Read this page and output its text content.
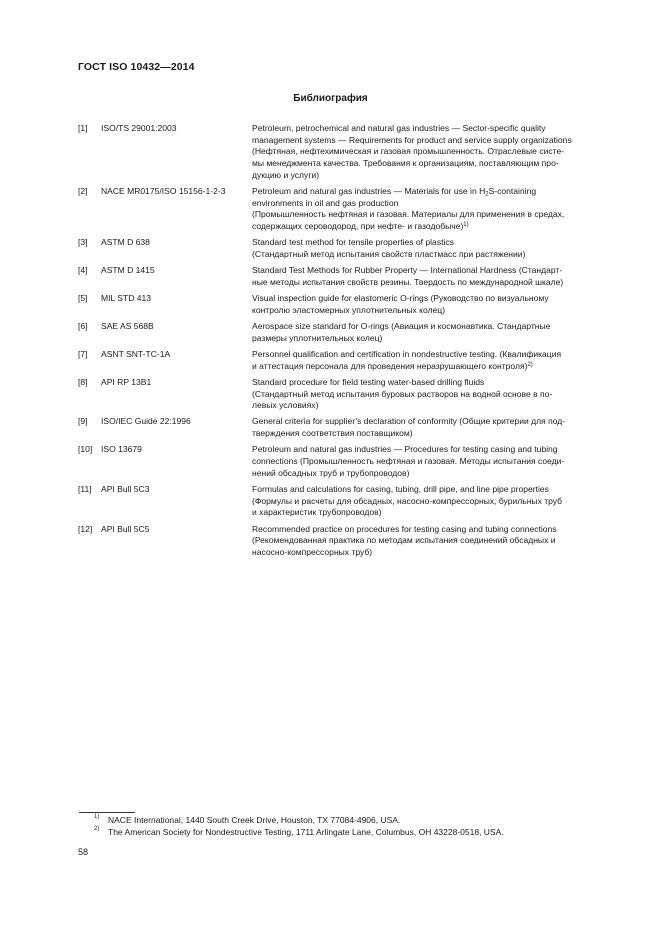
ГОСТ ISO 10432—2014
Библиография
[1]	ISO/TS 29001:2003	Petroleum, petrochemical and natural gas industries — Sector-specific quality
management systems — Requirements for product and service supply organizations
(Нефтяная, нефтехимическая и газовая промышленность. Отраслевые систе-
мы менеджмента качества. Требования к организациям, поставляющим про-
дукцию и услуги)
[2]	NACE MR0175/ISO 15156-1-2-3	Petroleum and natural gas industries — Materials for use in $H_2S$-containing
environments in oil and gas production
(Промышленность нефтяная и газовая. Материалы для применения в средах,
содержащих сероводород, при нефте- и газодобыче)$^{1)}$
[3]	ASTM D 638	Standard test method for tensile properties of plastics
(Стандартный метод испытания свойств пластмасс при растяжении)
[4]	ASTM D 1415	Standard Test Methods for Rubber Property — International Hardness (Стандарт-
ные методы испытания свойств резины. Твердость по международной шкале)
[5]	MIL STD 413	Visual inspection guide for elastomeric O-rings (Руководство по визуальному
контролю эластомерных уплотнительных колец)
[6]	SAE AS 568B	Aerospace size standard for O-rings (Авиация и космонавтика. Стандартные
размеры уплотнительных колец)
[7]	ASNT SNT-TC-1A	Personnel qualification and certification in nondestructive testing. (Квалификация
и аттестация персонала для проведения неразрушающего контроля)$^{2)}$
[8]	API RP 13B1	Standard procedure for field testing water-based drilling fluids
(Стандартный метод испытания буровых растворов на водной основе в по-
левых условиях)
[9]	ISO/IEC Guide 22:1996	General criteria for supplier’s declaration of conformity (Общие критерии для под-
тверждения соответствия поставщиком)
[10]	ISO 13679	Petroleum and natural gas industries — Procedures for testing casing and tubing
connections (Промышленность нефтяная и газовая. Методы испытания соеди-
нений обсадных труб и трубопроводов)
[11]	API Bull 5C3	Formulas and calculations for casing, tubing, drill pipe, and line pipe properties
(Формулы и расчеты для обсадных, насосно-компрессорных, бурильных труб
и характеристик трубопроводов)
[12]	API Bull 5C5	Recommended practice on procedures for testing casing and tubing connections
(Рекомендованная практика по методам испытания соединений обсадных и
насосно-компрессорных труб)
1) NACE International, 1440 South Creek Drive, Houston, TX 77084-4906, USA.
2) The American Society for Nondestructive Testing, 1711 Arlingate Lane, Columbus, OH 43228-0518, USA.
58
